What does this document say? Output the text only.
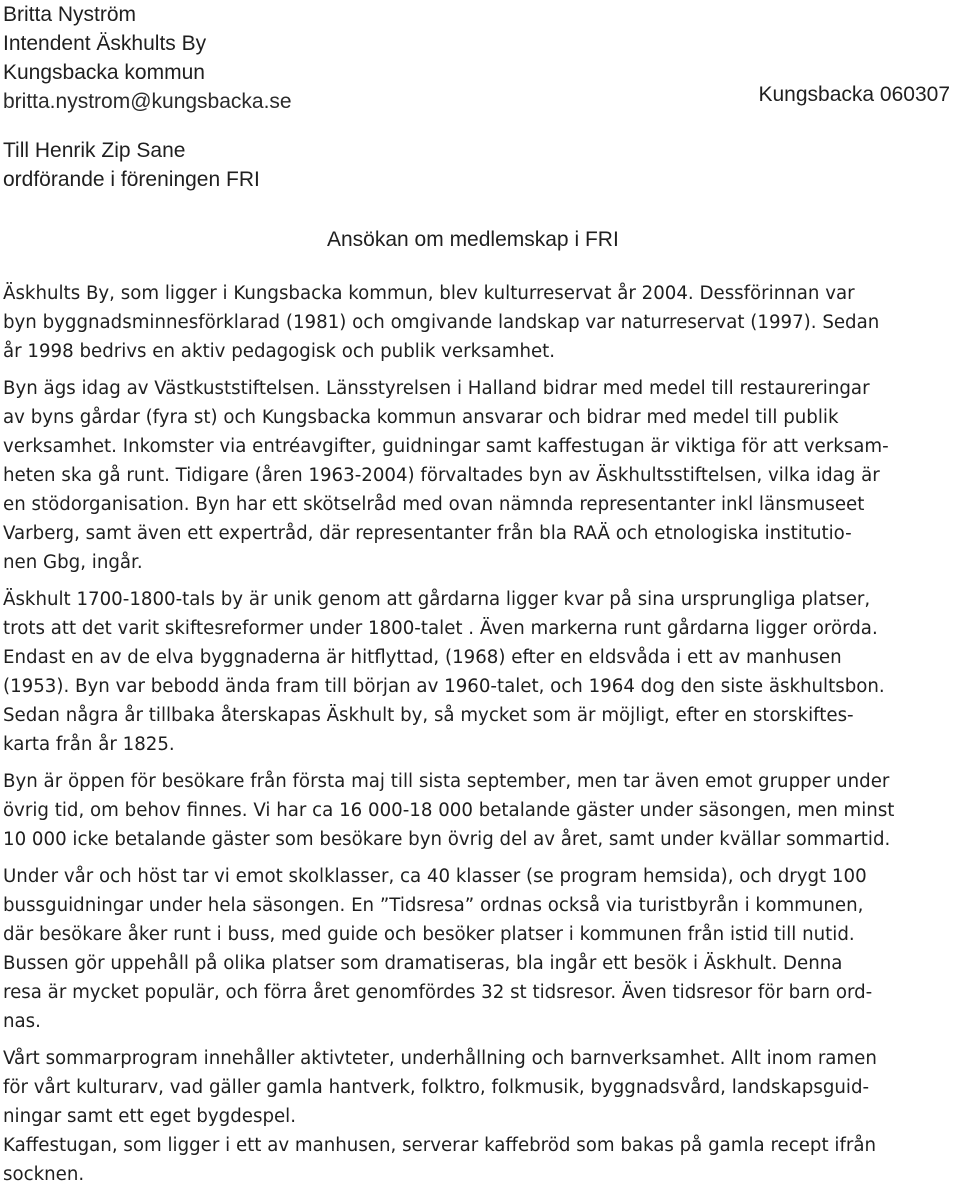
Britta Nyström
Intendent Äskhults By
Kungsbacka kommun
britta.nystrom@kungsbacka.se	Kungsbacka 060307
Till Henrik Zip Sane
ordförande i föreningen FRI
Ansökan om medlemskap i FRI
Äskhults By, som ligger i Kungsbacka kommun, blev kulturreservat år 2004. Dessförinnan var
byn byggnadsminnesförklarad (1981) och omgivande landskap var naturreservat (1997). Sedan
år 1998 bedrivs en aktiv pedagogisk och publik verksamhet.
Byn ägs idag av Västkuststiftelsen. Länsstyrelsen i Halland bidrar med medel till restaureringar
av byns gårdar (fyra st) och Kungsbacka kommun ansvarar och bidrar med medel till publik
verksamhet. Inkomster via entréavgifter, guidningar samt kaffestugan är viktiga för att verksam-
heten ska gå runt. Tidigare (åren 1963-2004) förvaltades byn av Äskhultsstiftelsen, vilka idag är
en stödorganisation. Byn har ett skötselråd med ovan nämnda representanter inkl länsmuseet
Varberg, samt även ett expertråd, där representanter från bla RAÄ och etnologiska institutio-
nen Gbg, ingår.
Äskhult 1700-1800-tals by är unik genom att gårdarna ligger kvar på sina ursprungliga platser,
trots att det varit skiftesreformer under 1800-talet . Även markerna runt gårdarna ligger orörda.
Endast en av de elva byggnaderna är hitflyttad, (1968) efter en eldsvåda i ett av manhusen
(1953). Byn var bebodd ända fram till början av 1960-talet, och 1964 dog den siste äskhultsbon.
Sedan några år tillbaka återskapas Äskhult by, så mycket som är möjligt, efter en storskiftes-
karta från år 1825.
Byn är öppen för besökare från första maj till sista september, men tar även emot grupper under
övrig tid, om behov finnes. Vi har ca 16 000-18 000 betalande gäster under säsongen, men minst
10 000 icke betalande gäster som besökare byn övrig del av året, samt under kvällar sommartid.
Under vår och höst tar vi emot skolklasser, ca 40 klasser (se program hemsida), och drygt 100
bussguidningar under hela säsongen. En ”Tidsresa” ordnas också via turistbyrån i kommunen,
där besökare åker runt i buss, med guide och besöker platser i kommunen från istid till nutid.
Bussen gör uppehåll på olika platser som dramatiseras, bla ingår ett besök i Äskhult. Denna
resa är mycket populär, och förra året genomfördes 32 st tidsresor. Även tidsresor för barn ord-
nas.
Vårt sommarprogram innehåller aktivteter, underhållning och barnverksamhet. Allt inom ramen
för vårt kulturarv, vad gäller gamla hantverk, folktro, folkmusik, byggnadsvård, landskapsguid-
ningar samt ett eget bygdespel.
Kaffestugan, som ligger i ett av manhusen, serverar kaffebröd som bakas på gamla recept ifrån
socknen.
